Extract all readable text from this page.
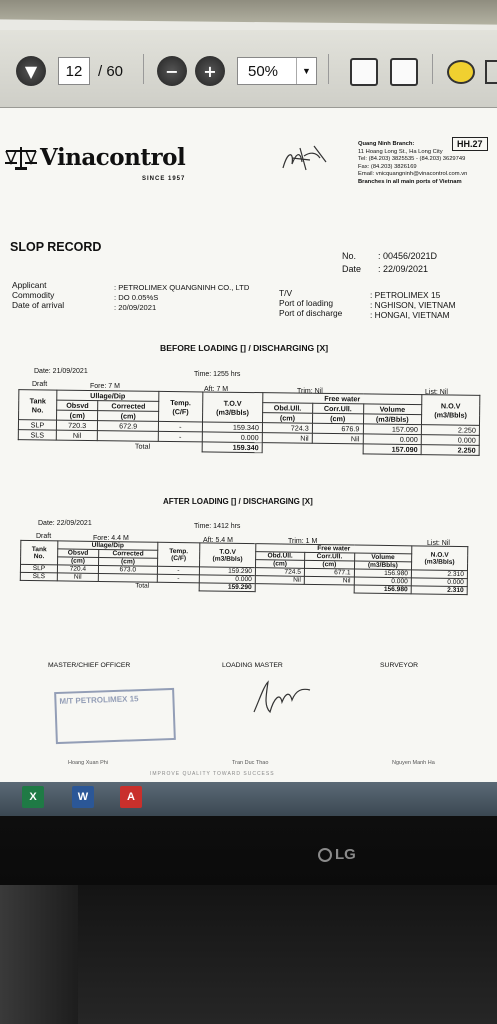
▼	12	/ 60	−	+	50%	▼
Vinacontrol
SINCE 1957
HH.27
Quang Ninh Branch:
11 Hoang Long St., Ha Long City
Tel: (84.203) 3825535 - (84.203) 3629749
Fax: (84.203) 3826169
Email: vnicquangninh@vinacontrol.com.vn
Branches in all main ports of Vietnam
SLOP RECORD
No. : 00456/2021D
Date : 22/09/2021
Applicant
Commodity
Date of arrival
: PETROLIMEX QUANGNINH CO., LTD
: DO 0.05%S
: 20/09/2021
T/V
Port of loading
Port of discharge
: PETROLIMEX 15
: NGHISON, VIETNAM
: HONGAI, VIETNAM
BEFORE LOADING [] / DISCHARGING [X]
Date: 21/09/2021	Time: 1255 hrs
Draft	Fore: 7 M	Aft: 7 M	Trim: Nil	List: Nil
Tank
No.	Ullage/Dip		Temp.
(C/F)	T.O.V
(m3/Bbls)	Free water			N.O.V
(m3/Bbls)
	Obsvd	Corrected			Obd.Ull.	Corr.Ull.	Volume	
	(cm)	(cm)			(cm)	(cm)	(m3/Bbls)	
SLP	720.3	672.9	-	159.340	724.3	676.9	157.090	2.250
SLS	Nil		-	0.000	Nil	Nil	0.000	0.000
Total				159.340			157.090	2.250
AFTER LOADING [] / DISCHARGING [X]
Date: 22/09/2021	Time: 1412 hrs
Draft	Fore: 4.4 M	Aft: 5.4 M	Trim: 1 M	List: Nil
Tank
No.	Ullage/Dip		Temp.
(C/F)	T.O.V
(m3/Bbls)	Free water			N.O.V
(m3/Bbls)
	Obsvd	Corrected			Obd.Ull.	Corr.Ull.	Volume	
	(cm)	(cm)			(cm)	(cm)	(m3/Bbls)	
SLP	720.4	673.0	-	159.290	724.5	677.1	156.980	2.310
SLS	Nil		-	0.000	Nil	Nil	0.000	0.000
Total				159.290			156.980	2.310
MASTER/CHIEF OFFICER	LOADING MASTER	SURVEYOR
M/T PETROLIMEX 15
Hoang Xuan Phi	Tran Duc Thao	Nguyen Manh Ha
IMPROVE QUALITY TOWARD SUCCESS
X	W	A
LG
